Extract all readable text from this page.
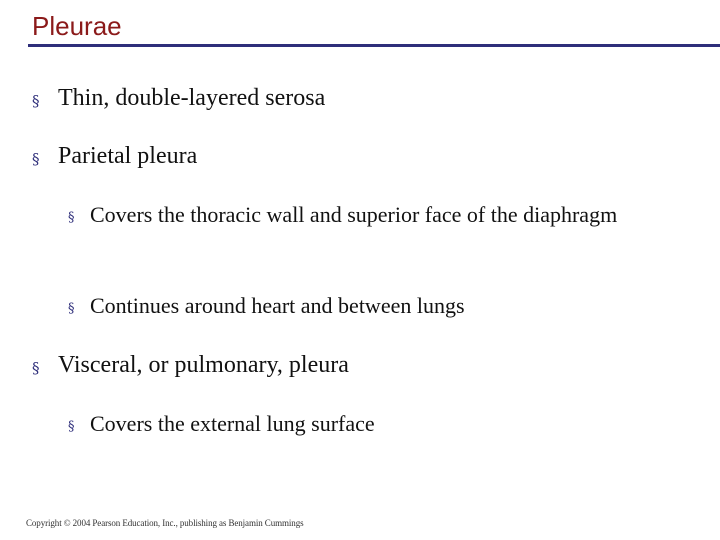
Pleurae
§ Thin, double-layered serosa
§ Parietal pleura
§ Covers the thoracic wall and superior face of the diaphragm
§ Continues around heart and between lungs
§ Visceral, or pulmonary, pleura
§ Covers the external lung surface
Copyright © 2004 Pearson Education, Inc., publishing as Benjamin Cummings
